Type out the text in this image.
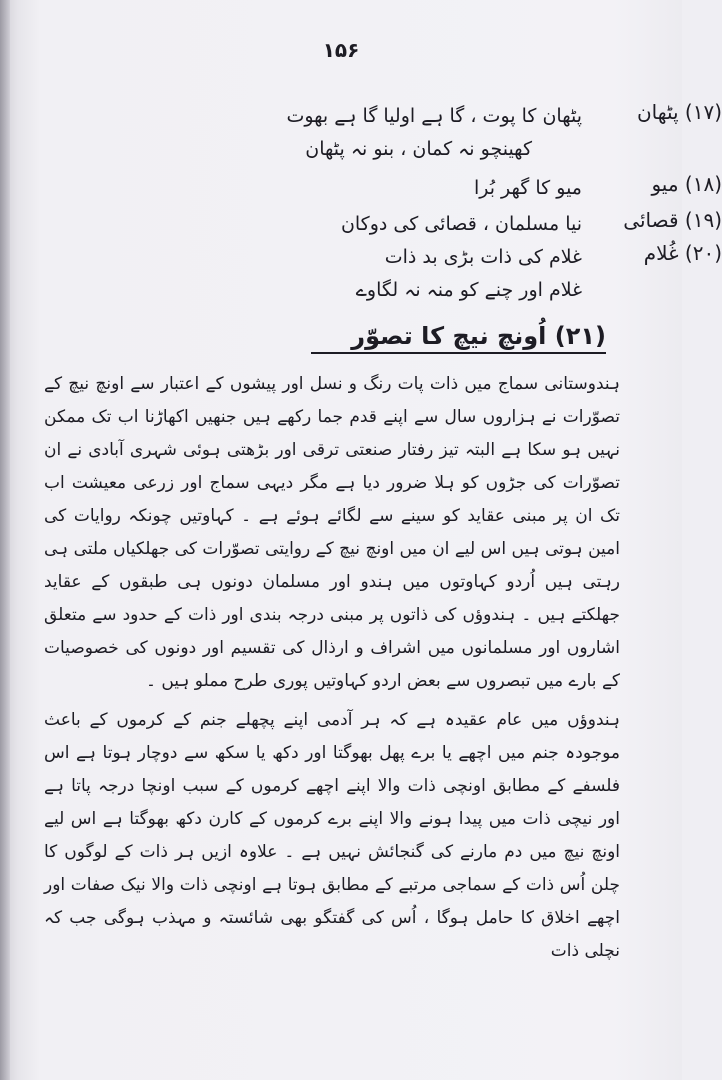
۱۵۶
(۱۷) پٹھان
پٹھان کا پوت ، گا ہے اولیا گا ہے بھوت
کھینچو نہ کمان ، بنو نہ پٹھان
(۱۸) میو
میو کا گھر بُرا
(۱۹) قصائی
نیا مسلمان ، قصائی کی دوکان
(۲۰) غُلام
غلام کی ذات بڑی بد ذات
غلام اور چنے کو منہ نہ لگاوے
(۲۱) اُونچ نیچ کا تصوّر

ہندوستانی سماج میں ذات پات رنگ و نسل اور پیشوں کے اعتبار سے اونچ نیچ کے تصوّرات نے ہزاروں سال سے اپنے قدم جما رکھے ہیں جنھیں اکھاڑنا اب تک ممکن نہیں ہو سکا ہے البتہ تیز رفتار صنعتی ترقی اور بڑھتی ہوئی شہری آبادی نے ان تصوّرات کی جڑوں کو ہلا ضرور دیا ہے مگر دیہی سماج اور زرعی معیشت اب تک ان پر مبنی عقاید کو سینے سے لگائے ہوئے ہے ۔ کہاوتیں چونکہ روایات کی امین ہوتی ہیں اس لیے ان میں اونچ نیچ کے روایتی تصوّرات کی جھلکیاں ملتی ہی رہتی ہیں اُردو کہاوتوں میں ہندو اور مسلمان دونوں ہی طبقوں کے عقاید جھلکتے ہیں ۔ ہندوؤں کی ذاتوں پر مبنی درجہ بندی اور ذات کے حدود سے متعلق اشاروں اور مسلمانوں میں اشراف و ارذال کی تقسیم اور دونوں کی خصوصیات کے بارے میں تبصروں سے بعض اردو کہاوتیں پوری طرح مملو ہیں ۔

ہندوؤں میں عام عقیدہ ہے کہ ہر آدمی اپنے پچھلے جنم کے کرموں کے باعث موجودہ جنم میں اچھے یا برے پھل بھوگتا اور دکھ یا سکھ سے دوچار ہوتا ہے اس فلسفے کے مطابق اونچی ذات والا اپنے اچھے کرموں کے سبب اونچا درجہ پاتا ہے اور نیچی ذات میں پیدا ہونے والا اپنے برے کرموں کے کارن دکھ بھوگتا ہے اس لیے اونچ نیچ میں دم مارنے کی گنجائش نہیں ہے ۔ علاوہ ازیں ہر ذات کے لوگوں کا چلن اُس ذات کے سماجی مرتبے کے مطابق ہوتا ہے اونچی ذات والا نیک صفات اور اچھے اخلاق کا حامل ہوگا ، اُس کی گفتگو بھی شائستہ و مہذب ہوگی جب کہ نچلی ذات
